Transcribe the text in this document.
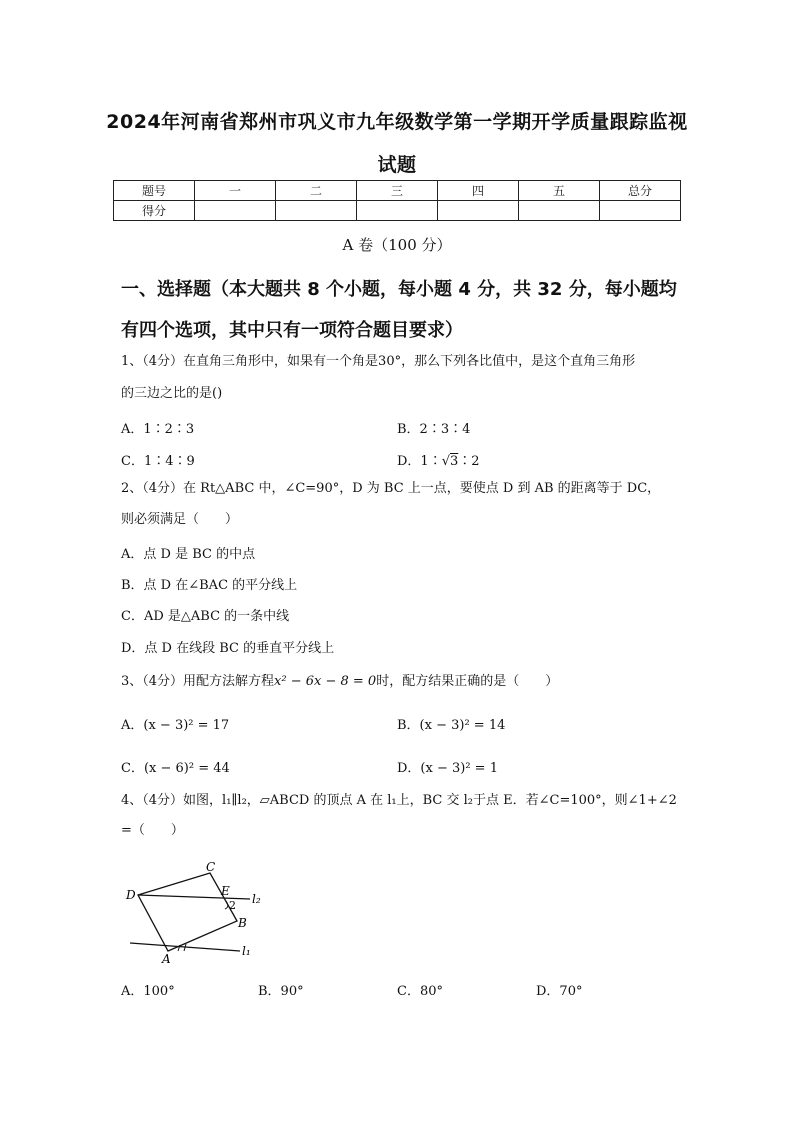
2024年河南省郑州市巩义市九年级数学第一学期开学质量跟踪监视
试题
题号	一	二	三	四	五	总分
得分						
A 卷（100 分）
一、选择题（本大题共 8 个小题，每小题 4 分，共 32 分，每小题均
有四个选项，其中只有一项符合题目要求）
1、（4分）在直角三角形中，如果有一个角是30°，那么下列各比值中，是这个直角三角形
的三边之比的是()
A．1∶2∶3	B．2∶3∶4
C．1∶4∶9	D．1∶√3∶2
2、（4分）在 Rt△ABC 中，∠C=90°，D 为 BC 上一点，要使点 D 到 AB 的距离等于 DC，
则必须满足（　　）
A．点 D 是 BC 的中点
B．点 D 在∠BAC 的平分线上
C．AD 是△ABC 的一条中线
D．点 D 在线段 BC 的垂直平分线上
3、（4分）用配方法解方程x² − 6x − 8 = 0时，配方结果正确的是（　　）
A．(x − 3)² = 17	B．(x − 3)² = 14
C．(x − 6)² = 44	D．(x − 3)² = 1
4、（4分）如图，l₁∥l₂，▱ABCD 的顶点 A 在 l₁上，BC 交 l₂于点 E．若∠C=100°，则∠1+∠2
=（　　）
C
D	E
2
B
A
l₂
l₁
A．100°	B．90°	C．80°	D．70°
